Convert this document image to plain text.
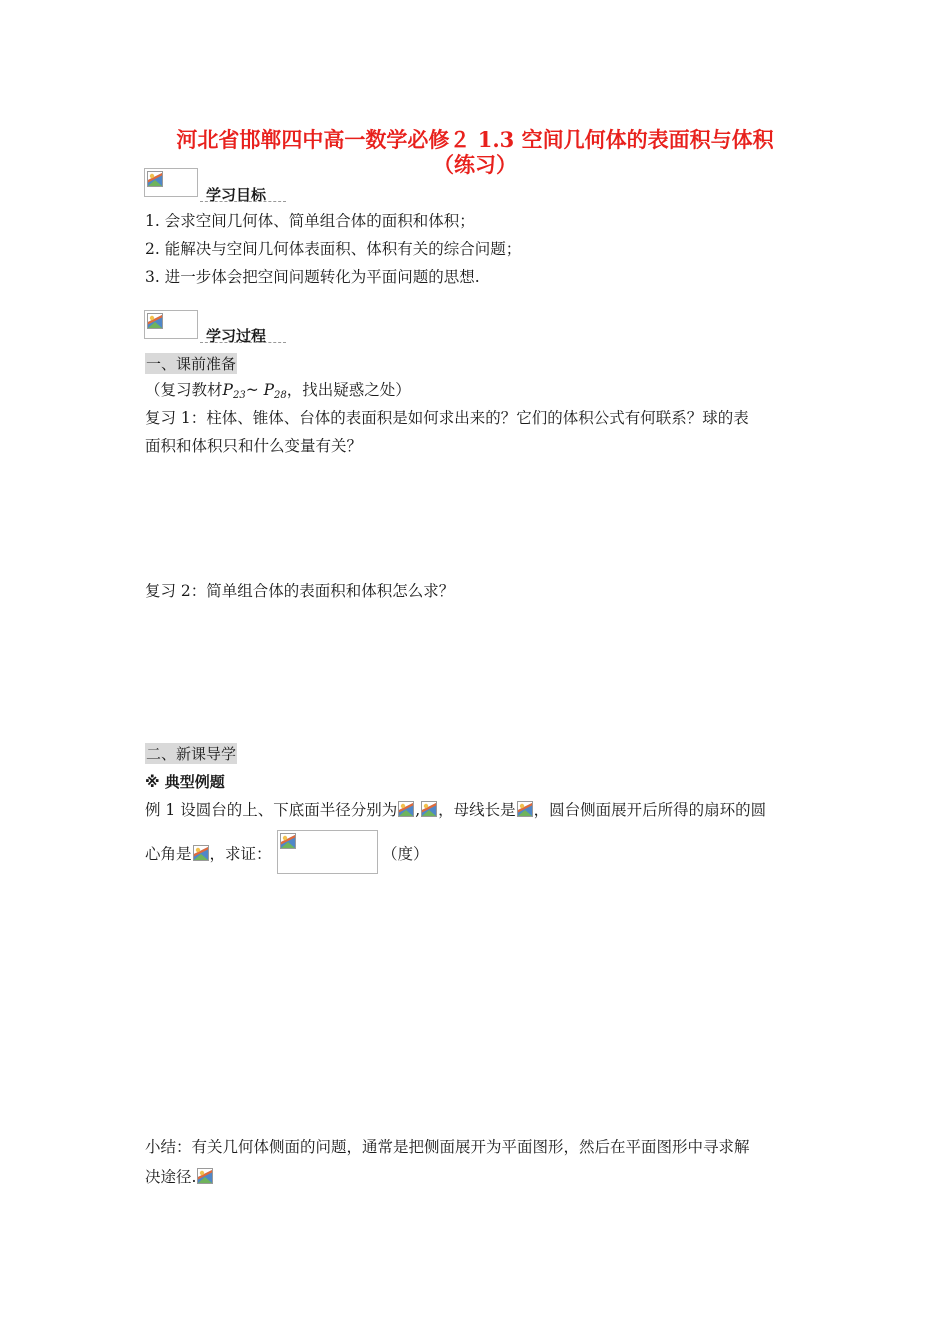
河北省邯郸四中高一数学必修２ 1.3 空间几何体的表面积与体积
（练习）
学习目标
1. 会求空间几何体、简单组合体的面积和体积；
2. 能解决与空间几何体表面积、体积有关的综合问题；
3. 进一步体会把空间问题转化为平面问题的思想.
学习过程
一、课前准备
（复习教材$P_{23}\sim$ $P_{28}$，找出疑惑之处）
复习 1：柱体、锥体、台体的表面积是如何求出来的？它们的体积公式有何联系？球的表
面积和体积只和什么变量有关？
复习 2：简单组合体的表面积和体积怎么求？
二、新课导学
※ 典型例题
例 1 设圆台的上、下底面半径分别为 , ，母线长是 ，圆台侧面展开后所得的扇环的圆
心角是 ，求证：	（度）
小结：有关几何体侧面的问题，通常是把侧面展开为平面图形，然后在平面图形中寻求解
决途径.
